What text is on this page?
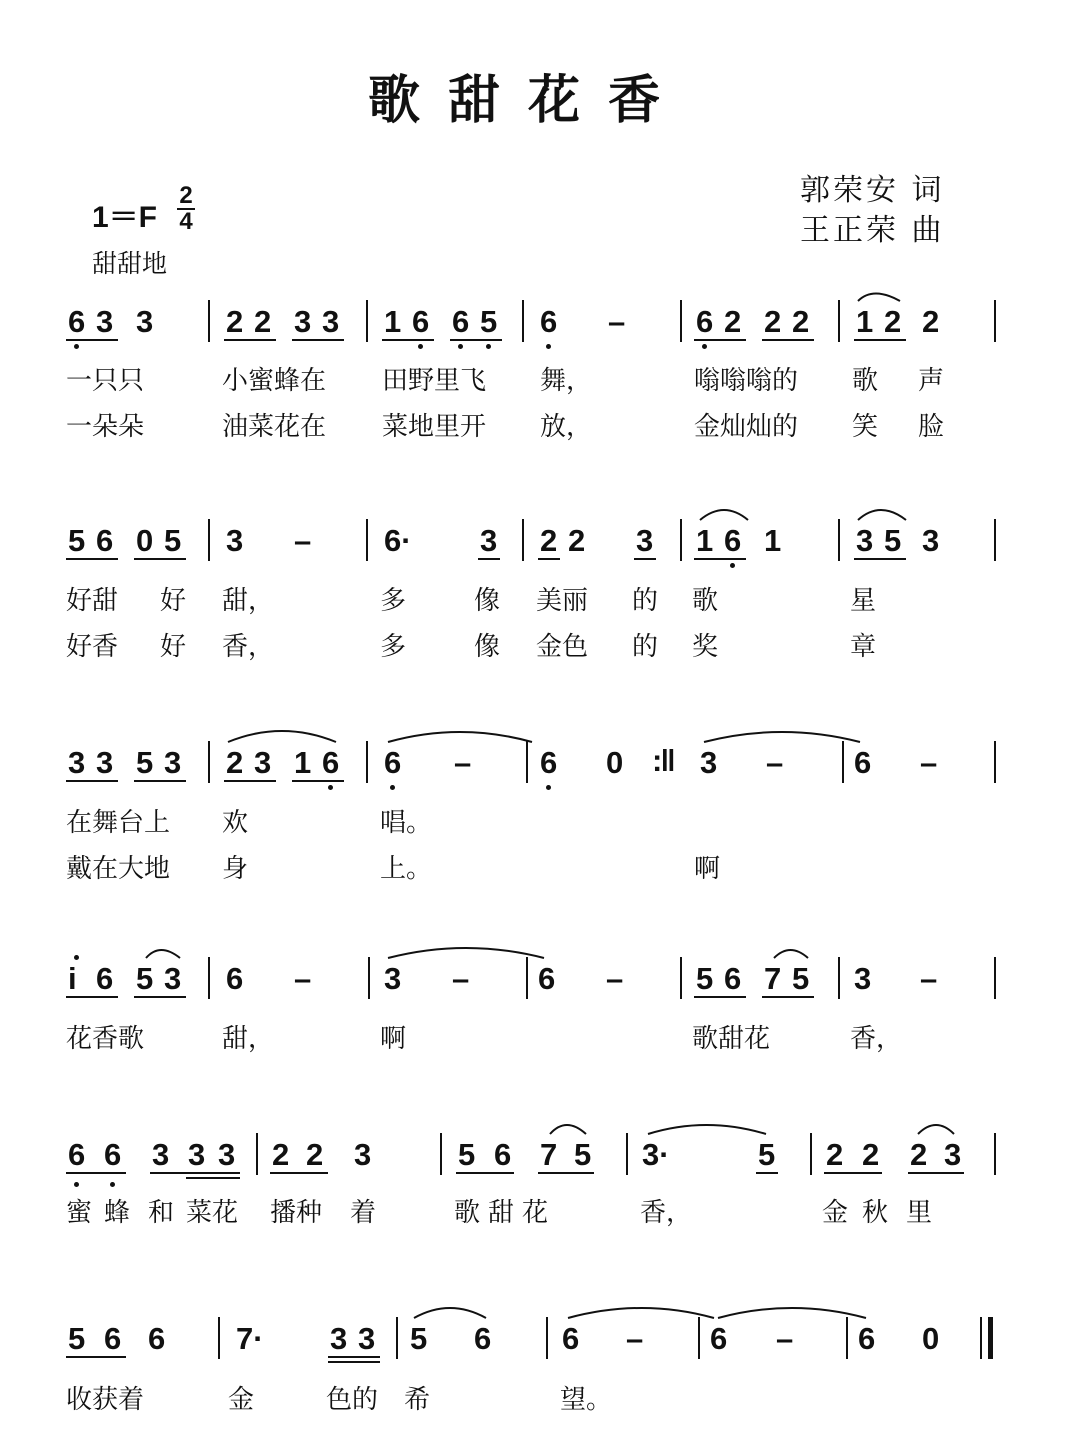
歌甜花香
郭荣安 词
王正荣 曲
1＝F
2
4
甜甜地
6 3 3 2 2 3 3 1 6 6 5 6 – 6 2 2 2 1 2 2
一只只	小蜜蜂在 田野里飞 舞，	嗡嗡嗡的 歌 声
一朵朵	油菜花在 菜地里开 放，	金灿灿的 笑 脸
5 6 0 5 3 – 6· 3 2 2 3 1 6 1 3 5 3
好甜 好 甜，	多	像 美丽 的 歌	星
好香 好 香，	多	像 金色 的 奖	章
3 3 5 3 2 3 1 6 6 – 6 0 :‖ 3 – 6 –
在舞台上 欢	唱。
戴在大地 身	上。	啊
i 6 5 3 6 – 3 – 6 – 5 6 7 5 3 –
花香歌	甜，	啊	歌甜花	香，
6 6 3 3 3 2 2 3	5 6 7 5 3·	5 2 2 2 3
蜜 蜂 和 菜花 播种 着	歌甜花	香，	金 秋 里
5 6 6 7· 3 3 5 6 6 – 6 – 6 0
收获着	金	色的 希	望。
